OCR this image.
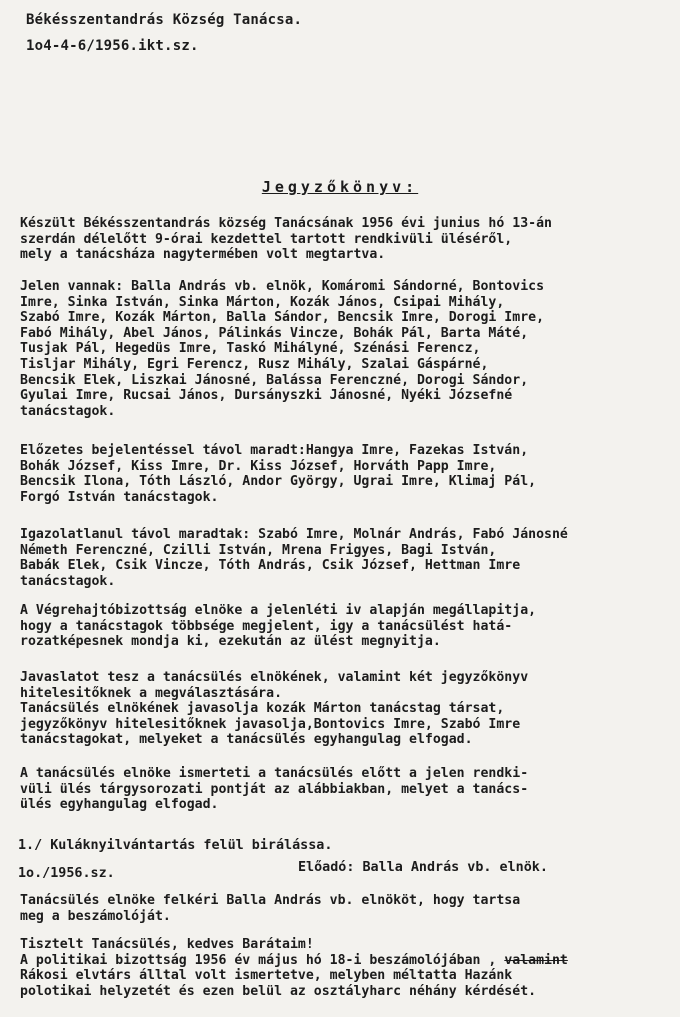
Békésszentandrás Község Tanácsa.
1o4-4-6/1956.ikt.sz.
Jegyzőkönyv:
Készült Békésszentandrás község Tanácsának 1956 évi junius hó 13-án
szerdán délelőtt 9-órai kezdettel tartott rendkivüli üléséről,
mely a tanácsháza nagytermében volt megtartva.
Jelen vannak: Balla András vb. elnök, Komáromi Sándorné, Bontovics
Imre, Sinka István, Sinka Márton, Kozák János, Csipai Mihály,
Szabó Imre, Kozák Márton, Balla Sándor, Bencsik Imre, Dorogi Imre,
Fabó Mihály, Ábel János, Pálinkás Vincze, Bohák Pál, Barta Máté,
Tusjak Pál, Hegedüs Imre, Taskó Mihályné, Szénási Ferencz,
Tisljar Mihály, Egri Ferencz, Rusz Mihály, Szalai Gáspárné,
Bencsik Elek, Liszkai Jánosné, Balássa Ferenczné, Dorogi Sándor,
Gyulai Imre, Rucsai János, Dursányszki Jánosné, Nyéki Józsefné
tanácstagok.
Előzetes bejelentéssel távol maradt:Hangya Imre, Fazekas István,
Bohák József, Kiss Imre, Dr. Kiss József, Horváth Papp Imre,
Bencsik Ilona, Tóth László, Andor György, Ugrai Imre, Klimaj Pál,
Forgó István tanácstagok.
Igazolatlanul távol maradtak: Szabó Imre, Molnár András, Fabó Jánosné
Németh Ferenczné, Czilli István, Mrena Frigyes, Bagi István,
Babák Elek, Csik Vincze, Tóth András, Csik József, Hettman Imre
tanácstagok.
A Végrehajtóbizottság elnöke a jelenléti iv alapján megállapitja,
hogy a tanácstagok többsége megjelent, igy a tanácsülést hatá-
rozatképesnek mondja ki, ezekután az ülést megnyitja.
Javaslatot tesz a tanácsülés elnökének, valamint két jegyzőkönyv
hitelesitőknek a megválasztására.
Tanácsülés elnökének javasolja kozák Márton tanácstag társat,
jegyzőkönyv hitelesitőknek javasolja,Bontovics Imre, Szabó Imre
tanácstagokat, melyeket a tanácsülés egyhangulag elfogad.
A tanácsülés elnöke ismerteti a tanácsülés előtt a jelen rendki-
vüli ülés tárgysorozati pontját az alábbiakban, melyet a tanács-
ülés egyhangulag elfogad.
1./ Kuláknyilvántartás felül birálássa.
1o./1956.sz.	Előadó: Balla András vb. elnök.
Tanácsülés elnöke felkéri Balla András vb. elnököt, hogy tartsa
meg a beszámolóját.
Tisztelt Tanácsülés, kedves Barátaim!
A politikai bizottság 1956 év május hó 18-i beszámolójában , valamint
Rákosi elvtárs álltal volt ismertetve, melyben méltatta Hazánk
polotikai helyzetét és ezen belül az osztályharc néhány kérdését.
